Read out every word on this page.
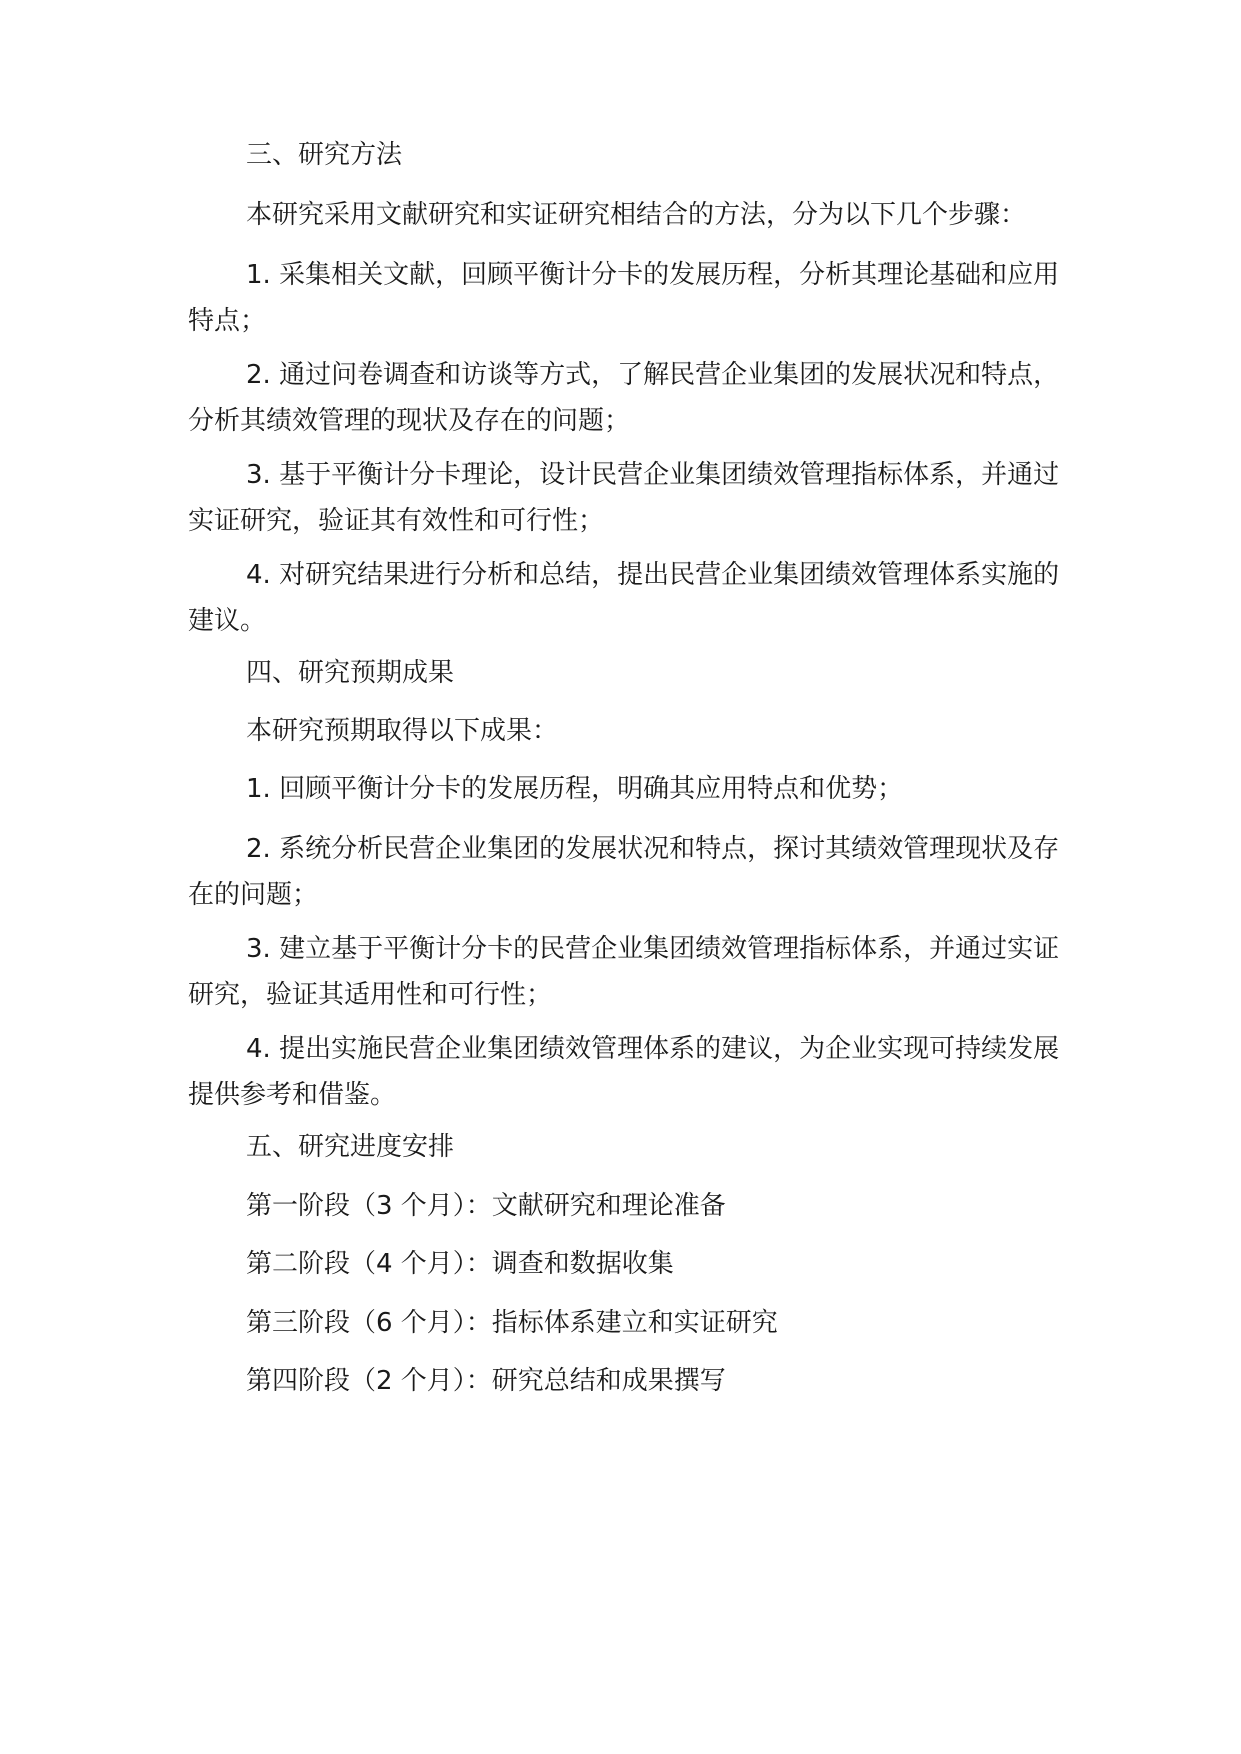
三、研究方法

本研究采用文献研究和实证研究相结合的方法，分为以下几个步骤：

1. 采集相关文献，回顾平衡计分卡的发展历程，分析其理论基础和应用特点；

2. 通过问卷调查和访谈等方式，了解民营企业集团的发展状况和特点，分析其绩效管理的现状及存在的问题；

3. 基于平衡计分卡理论，设计民营企业集团绩效管理指标体系，并通过实证研究，验证其有效性和可行性；

4. 对研究结果进行分析和总结，提出民营企业集团绩效管理体系实施的建议。

四、研究预期成果

本研究预期取得以下成果：

1. 回顾平衡计分卡的发展历程，明确其应用特点和优势；

2. 系统分析民营企业集团的发展状况和特点，探讨其绩效管理现状及存在的问题；

3. 建立基于平衡计分卡的民营企业集团绩效管理指标体系，并通过实证研究，验证其适用性和可行性；

4. 提出实施民营企业集团绩效管理体系的建议，为企业实现可持续发展提供参考和借鉴。

五、研究进度安排

第一阶段（3 个月）：文献研究和理论准备

第二阶段（4 个月）：调查和数据收集

第三阶段（6 个月）：指标体系建立和实证研究

第四阶段（2 个月）：研究总结和成果撰写
